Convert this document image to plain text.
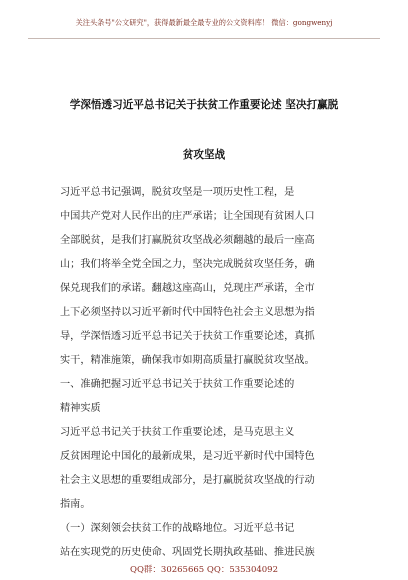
关注头条号"公文研究"，获得最新最全最专业的公文资料库！ 微信：gongwenyj
学深悟透习近平总书记关于扶贫工作重要论述 坚决打赢脱
贫攻坚战
习近平总书记强调，脱贫攻坚是一项历史性工程，是
中国共产党对人民作出的庄严承诺；让全国现有贫困人口
全部脱贫，是我们打赢脱贫攻坚战必须翻越的最后一座高
山；我们将举全党全国之力，坚决完成脱贫攻坚任务，确
保兑现我们的承诺。翻越这座高山，兑现庄严承诺，全市
上下必须坚持以习近平新时代中国特色社会主义思想为指
导，学深悟透习近平总书记关于扶贫工作重要论述，真抓
实干，精准施策，确保我市如期高质量打赢脱贫攻坚战。
一、准确把握习近平总书记关于扶贫工作重要论述的
精神实质
习近平总书记关于扶贫工作重要论述，是马克思主义
反贫困理论中国化的最新成果，是习近平新时代中国特色
社会主义思想的重要组成部分，是打赢脱贫攻坚战的行动
指南。
（一）深刻领会扶贫工作的战略地位。习近平总书记
站在实现党的历史使命、巩固党长期执政基础、推进民族
QQ群：30265665 QQ：535304092
